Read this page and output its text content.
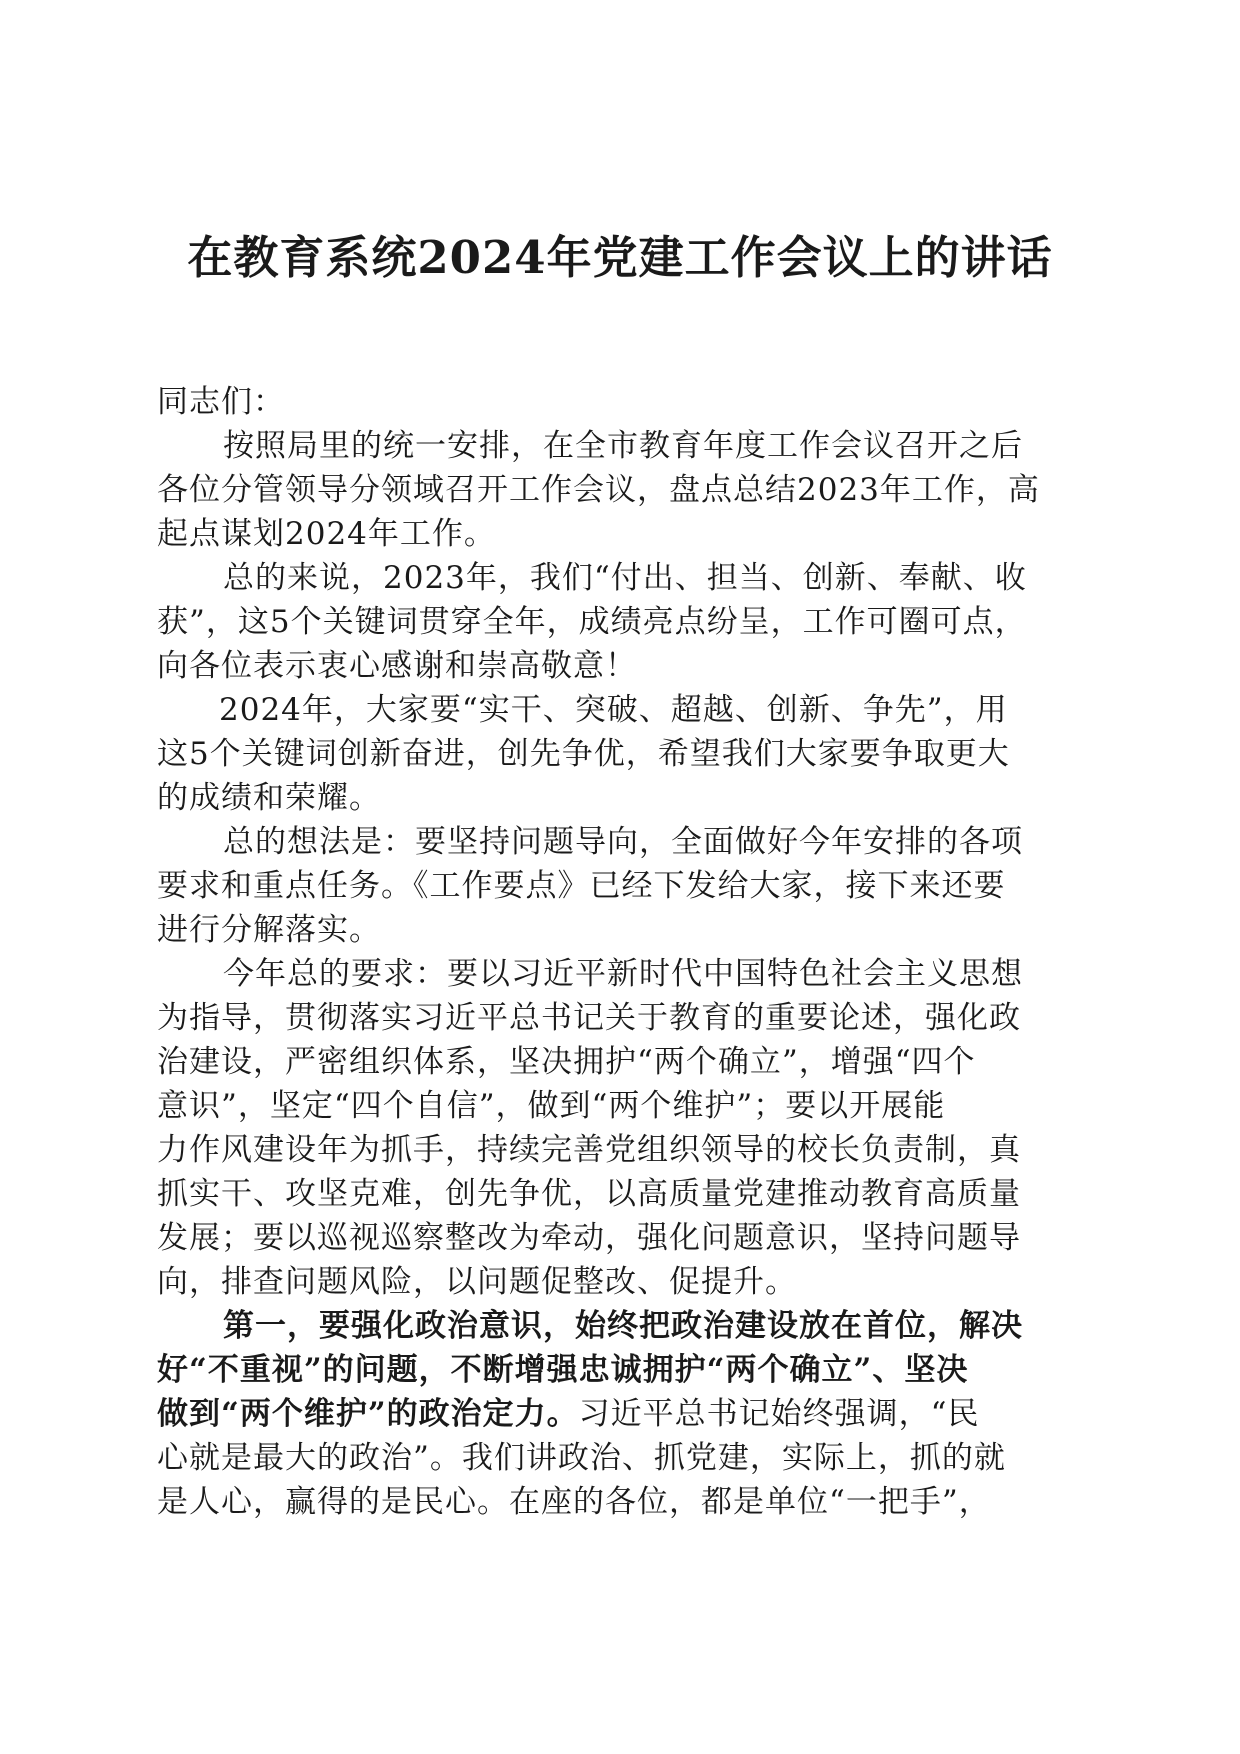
在教育系统2024年党建工作会议上的讲话
同志们：
按照局里的统一安排，在全市教育年度工作会议召开之后
各位分管领导分领域召开工作会议，盘点总结2023年工作，高
起点谋划2024年工作。
总的来说，2023年，我们“付出、担当、创新、奉献、收
获”，这5个关键词贯穿全年，成绩亮点纷呈，工作可圈可点，
向各位表示衷心感谢和崇高敬意！
2024年，大家要“实干、突破、超越、创新、争先”，用
这5个关键词创新奋进，创先争优，希望我们大家要争取更大
的成绩和荣耀。
总的想法是：要坚持问题导向，全面做好今年安排的各项
要求和重点任务。《工作要点》已经下发给大家，接下来还要
进行分解落实。
今年总的要求：要以习近平新时代中国特色社会主义思想
为指导，贯彻落实习近平总书记关于教育的重要论述，强化政
治建设，严密组织体系，坚决拥护“两个确立”，增强“四个
意识”，坚定“四个自信”，做到“两个维护”；要以开展能
力作风建设年为抓手，持续完善党组织领导的校长负责制，真
抓实干、攻坚克难，创先争优，以高质量党建推动教育高质量
发展；要以巡视巡察整改为牵动，强化问题意识，坚持问题导
向，排查问题风险，以问题促整改、促提升。
第一，要强化政治意识，始终把政治建设放在首位，解决
好“不重视”的问题，不断增强忠诚拥护“两个确立”、坚决
做到“两个维护”的政治定力。习近平总书记始终强调，“民
心就是最大的政治”。我们讲政治、抓党建，实际上，抓的就
是人心，赢得的是民心。在座的各位，都是单位“一把手”，
